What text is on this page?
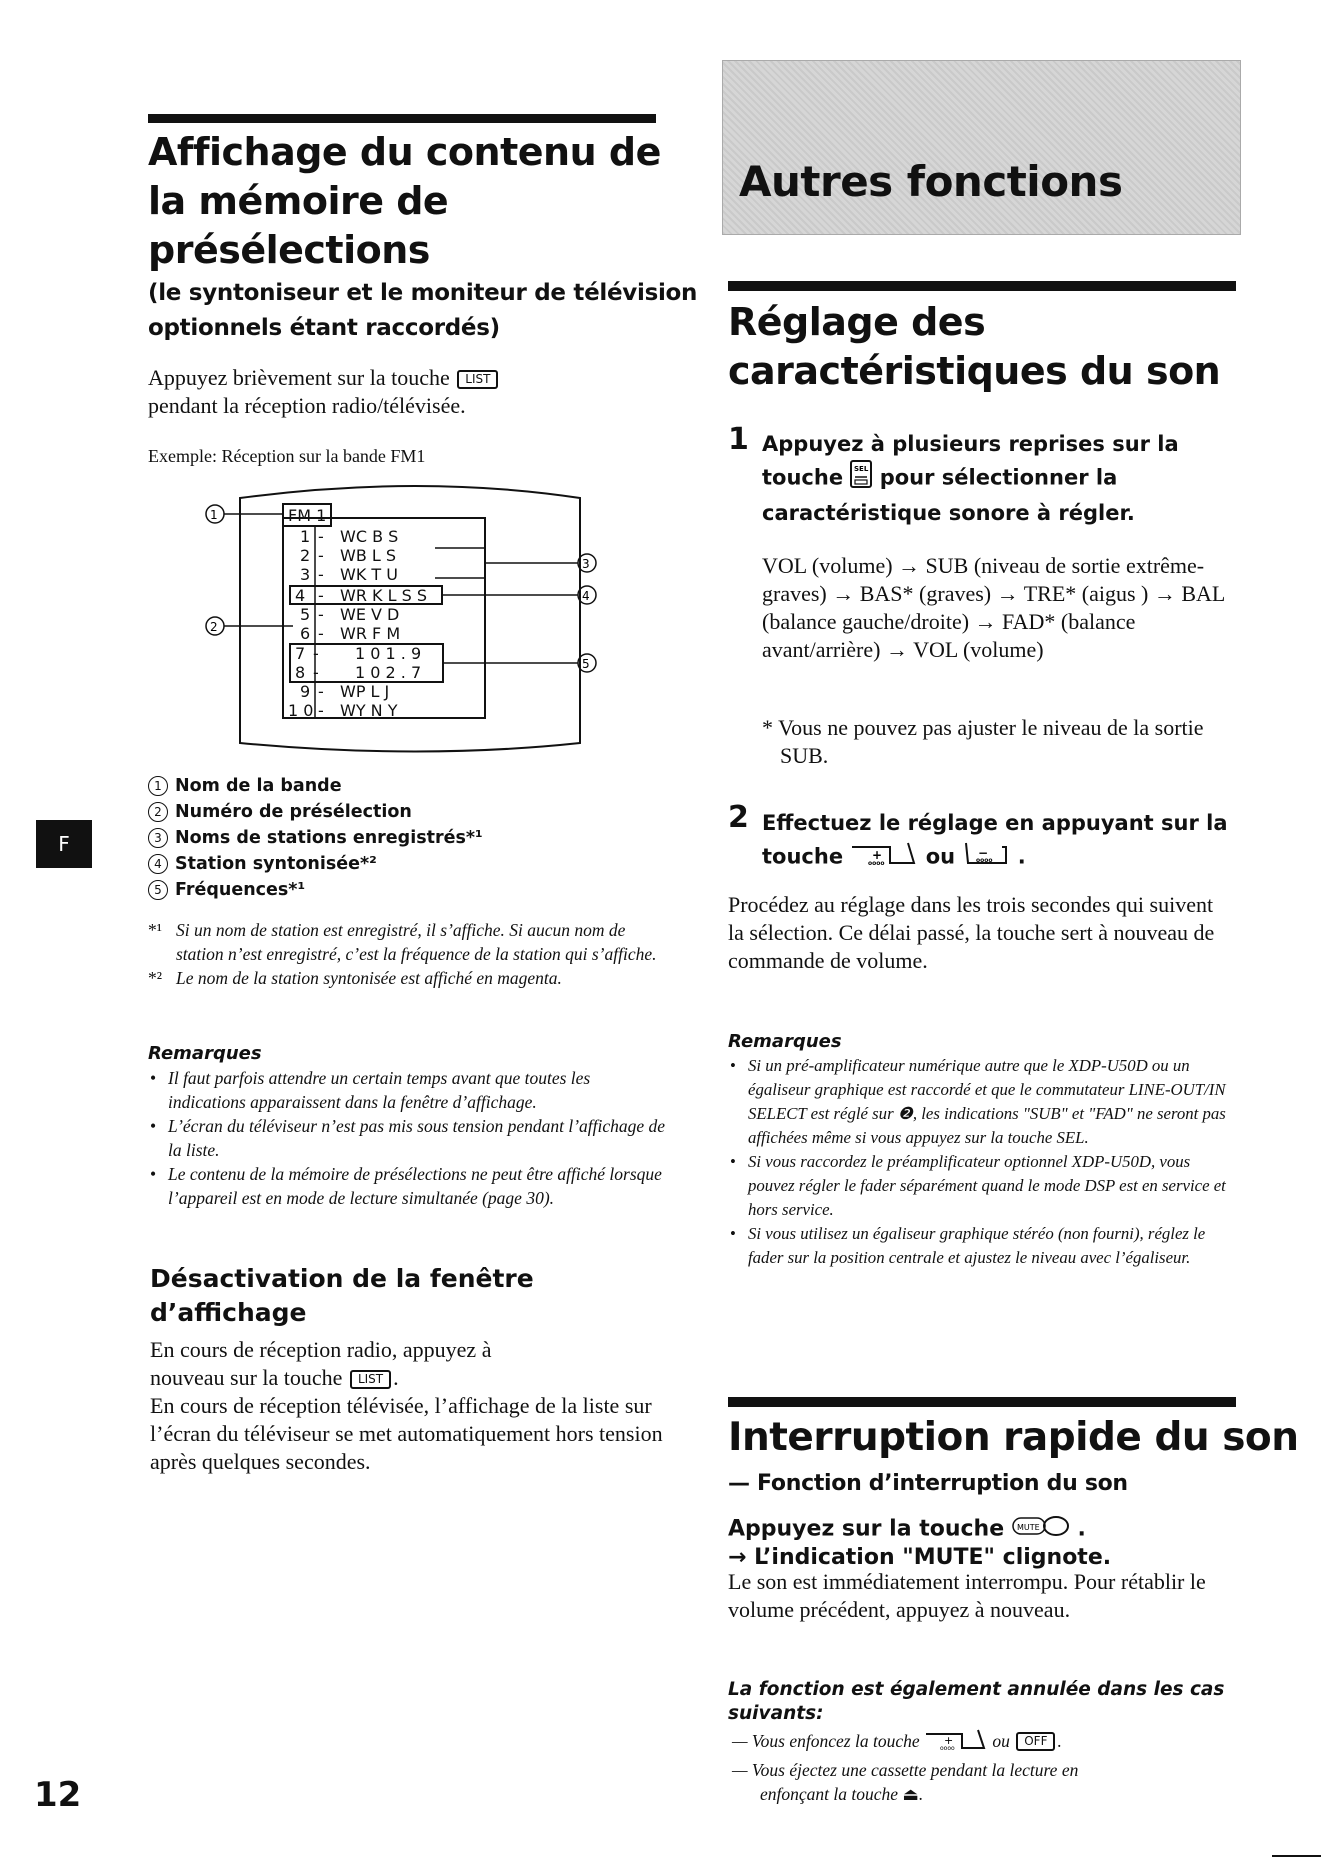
Affichage du contenu de
la mémoire de
présélections
(le syntoniseur et le moniteur de télévision
optionnels étant raccordés)
Appuyez brièvement sur la touche LIST
pendant la réception radio/télévisée.
Exemple: Réception sur la bande FM1
FM 1
1 - WC B S
2 - WB L S
3 - WK T U
4 - WR K L S S
5 - WE V D
6 - WR F M
7 - 1 0 1 . 9
8 - 1 0 2 . 7
9 - WP L J
1 0 - WY N Y
1
2
3
4
5
1 Nom de la bande
2 Numéro de présélection
3 Noms de stations enregistrés*¹
4 Station syntonisée*²
5 Fréquences*¹
*¹ Si un nom de station est enregistré, il s’affiche. Si aucun nom de station n’est enregistré, c’est la fréquence de la station qui s’affiche.
*² Le nom de la station syntonisée est affiché en magenta.
Remarques
• Il faut parfois attendre un certain temps avant que toutes les indications apparaissent dans la fenêtre d’affichage.
• L’écran du téléviseur n’est pas mis sous tension pendant l’affichage de la liste.
• Le contenu de la mémoire de présélections ne peut être affiché lorsque l’appareil est en mode de lecture simultanée (page 30).
Désactivation de la fenêtre
d’affichage
En cours de réception radio, appuyez à
nouveau sur la touche LIST .
En cours de réception télévisée, l’affichage de la liste sur l’écran du téléviseur se met automatiquement hors tension après quelques secondes.
F
12
Autres fonctions
Réglage des
caractéristiques du son
1 Appuyez à plusieurs reprises sur la
touche SEL pour sélectionner la
caractéristique sonore à régler.
VOL (volume) → SUB (niveau de sortie extrême-graves) → BAS* (graves) → TRE* (aigus ) → BAL (balance gauche/droite) → FAD* (balance avant/arrière) → VOL (volume)
* Vous ne pouvez pas ajuster le niveau de la sortie SUB.
2 Effectuez le réglage en appuyant sur la
touche +
oooo ou −
oooo .
Procédez au réglage dans les trois secondes qui suivent la sélection. Ce délai passé, la touche sert à nouveau de commande de volume.
Remarques
• Si un pré-amplificateur numérique autre que le XDP-U50D ou un égaliseur graphique est raccordé et que le commutateur LINE-OUT/IN SELECT est réglé sur ❷, les indications "SUB" et "FAD" ne seront pas affichées même si vous appuyez sur la touche SEL.
• Si vous raccordez le préamplificateur optionnel XDP-U50D, vous pouvez régler le fader séparément quand le mode DSP est en service et hors service.
• Si vous utilisez un égaliseur graphique stéréo (non fourni), réglez le fader sur la position centrale et ajustez le niveau avec l’égaliseur.
Interruption rapide du son
— Fonction d’interruption du son
Appuyez sur la touche MUTE .
→ L’indication "MUTE" clignote.
Le son est immédiatement interrompu. Pour rétablir le volume précédent, appuyez à nouveau.
La fonction est également annulée dans les cas suivants:
— Vous enfoncez la touche +
oooo ou OFF .
— Vous éjectez une cassette pendant la lecture en
enfonçant la touche ⏏.
